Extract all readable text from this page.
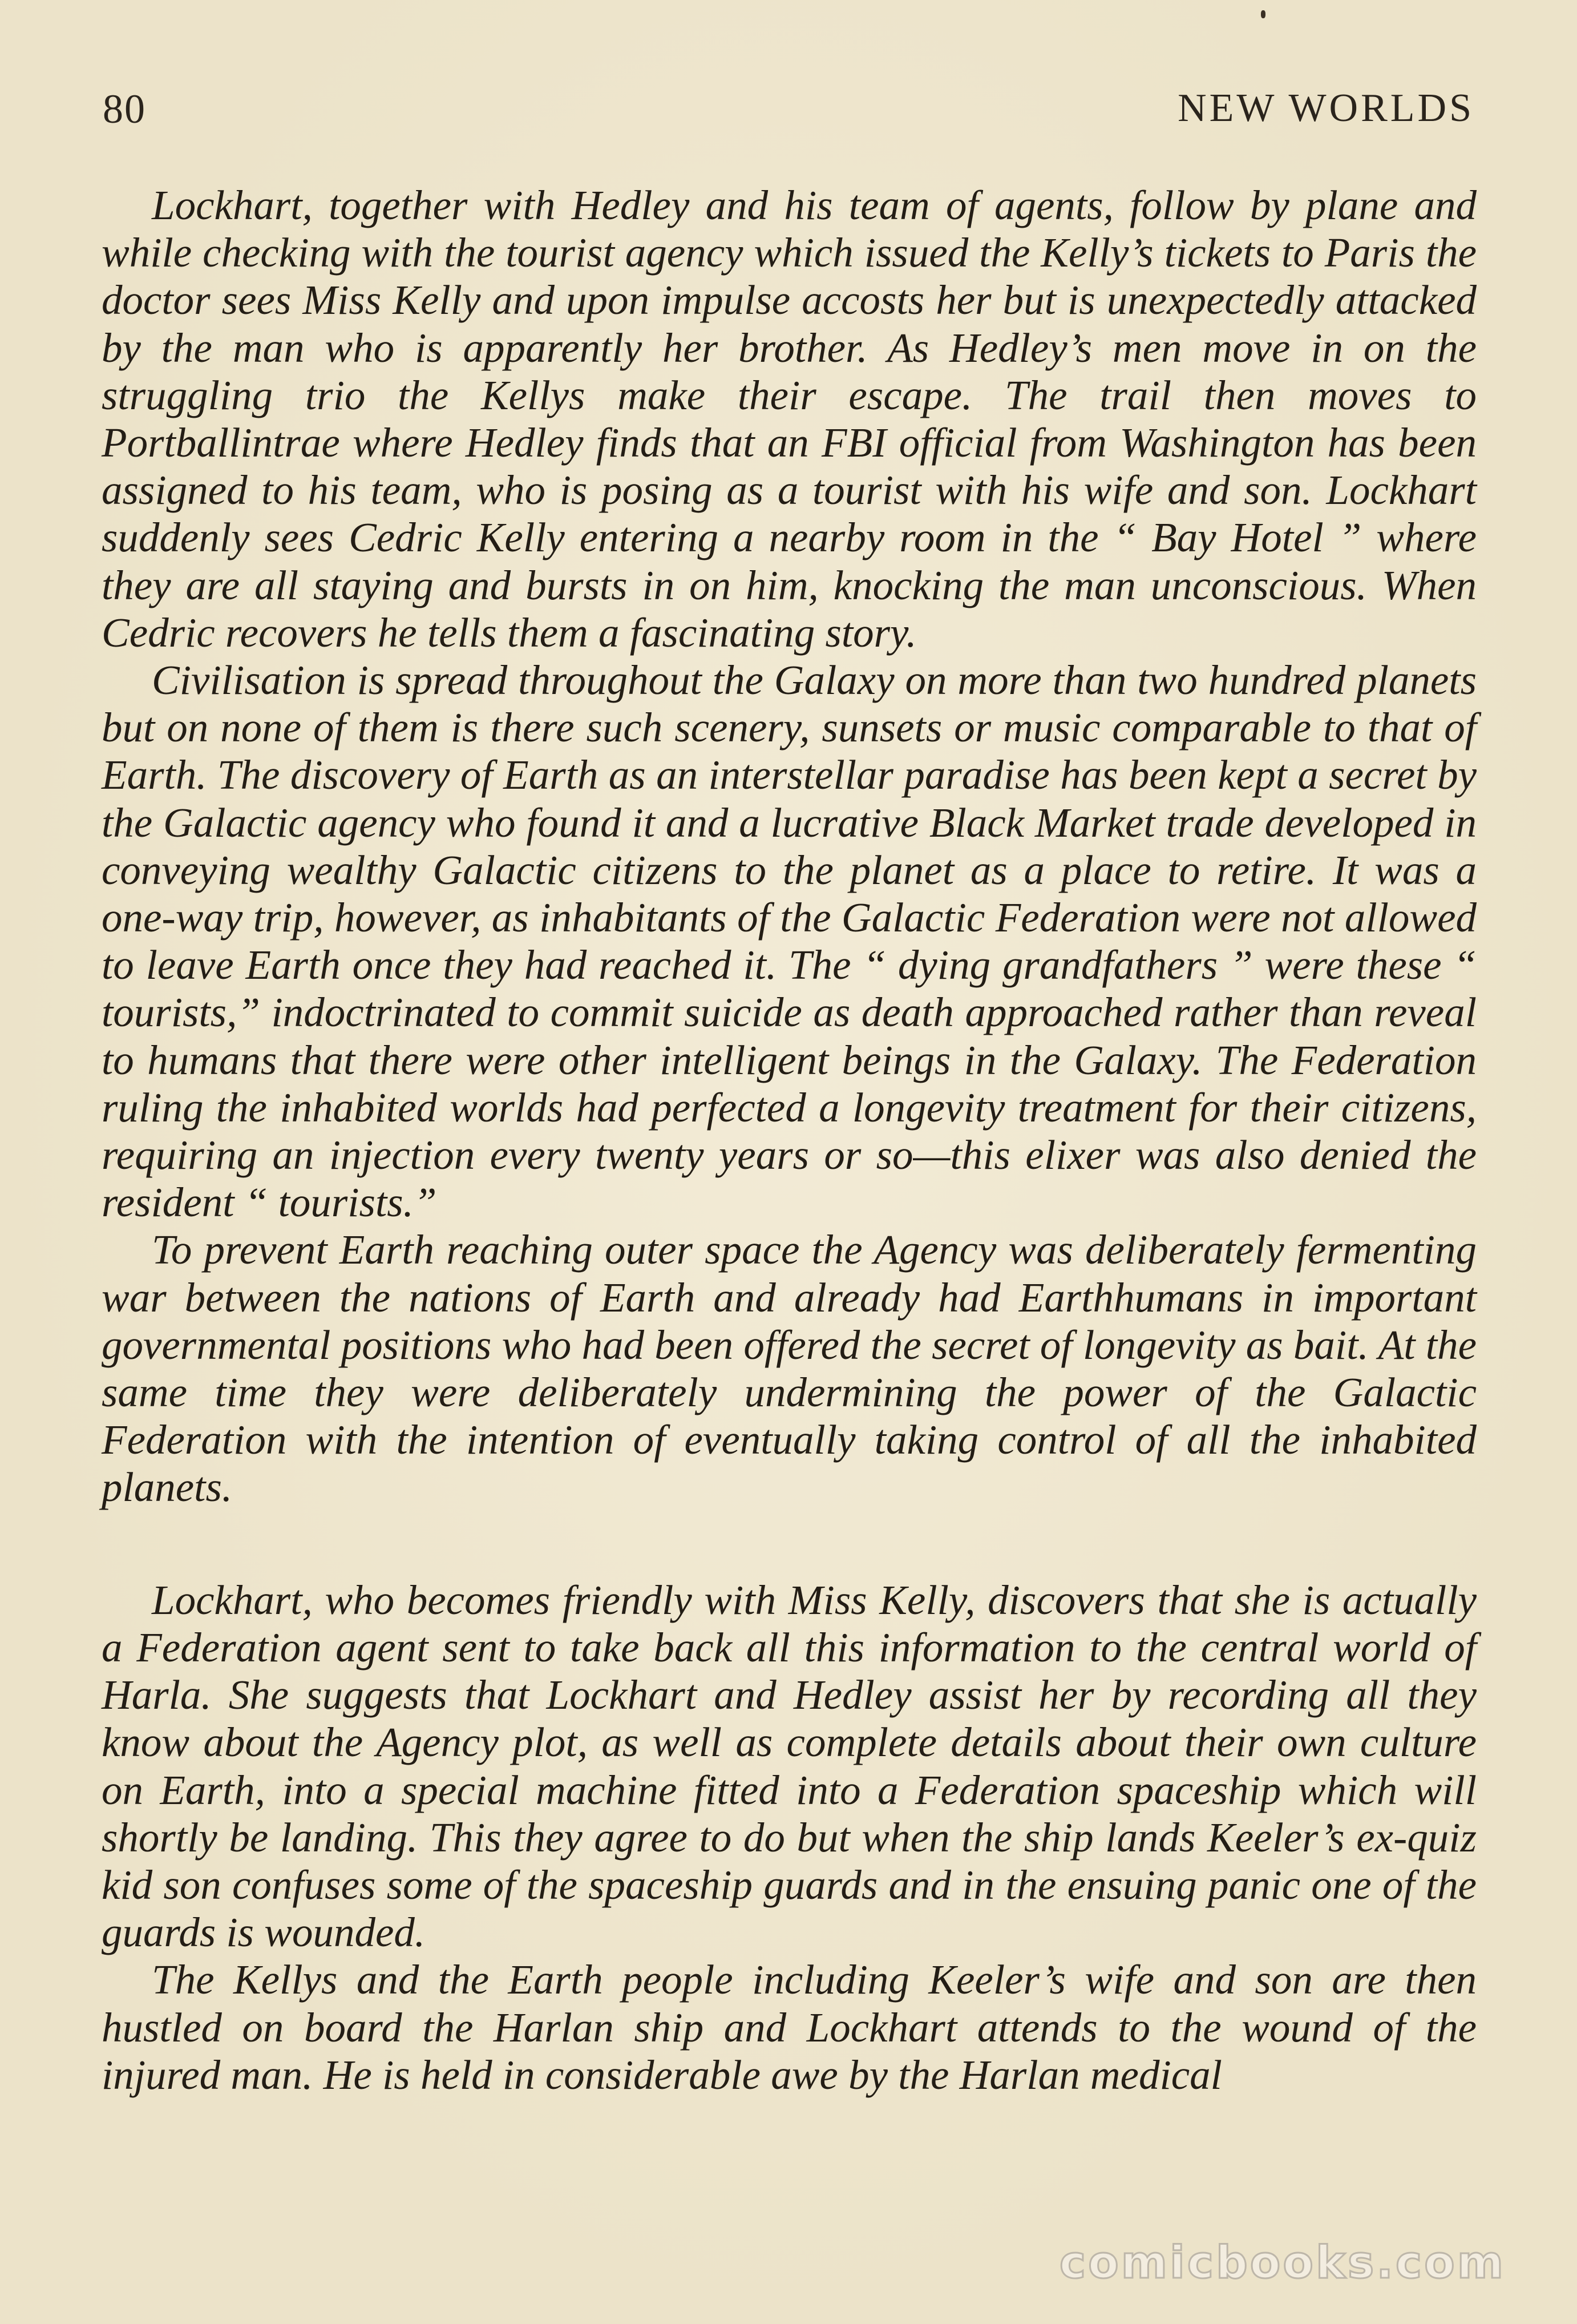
80	NEW WORLDS

Lockhart, together with Hedley and his team of agents, follow by plane and while checking with the tourist agency which issued the Kelly’s tickets to Paris the doctor sees Miss Kelly and upon impulse accosts her but is unexpectedly attacked by the man who is apparently her brother. As Hedley’s men move in on the struggling trio the Kellys make their escape. The trail then moves to Portballintrae where Hedley finds that an FBI official from Washington has been assigned to his team, who is posing as a tourist with his wife and son. Lockhart suddenly sees Cedric Kelly entering a nearby room in the “ Bay Hotel ” where they are all staying and bursts in on him, knocking the man unconscious. When Cedric recovers he tells them a fascinating story.

Civilisation is spread throughout the Galaxy on more than two hundred planets but on none of them is there such scenery, sunsets or music comparable to that of Earth. The discovery of Earth as an interstellar paradise has been kept a secret by the Galactic agency who found it and a lucrative Black Market trade developed in conveying wealthy Galactic citizens to the planet as a place to retire. It was a one-way trip, however, as inhabitants of the Galactic Federation were not allowed to leave Earth once they had reached it. The “ dying grandfathers ” were these “ tourists,” indoctrinated to commit suicide as death approached rather than reveal to humans that there were other intelligent beings in the Galaxy. The Federation ruling the inhabited worlds had perfected a longevity treatment for their citizens, requiring an injection every twenty years or so—this elixer was also denied the resident “ tourists.”

To prevent Earth reaching outer space the Agency was deliberately fermenting war between the nations of Earth and already had Earthhumans in important governmental positions who had been offered the secret of longevity as bait. At the same time they were deliberately undermining the power of the Galactic Federation with the intention of eventually taking control of all the inhabited planets.

Lockhart, who becomes friendly with Miss Kelly, discovers that she is actually a Federation agent sent to take back all this information to the central world of Harla. She suggests that Lockhart and Hedley assist her by recording all they know about the Agency plot, as well as complete details about their own culture on Earth, into a special machine fitted into a Federation spaceship which will shortly be landing. This they agree to do but when the ship lands Keeler’s ex-quiz kid son confuses some of the spaceship guards and in the ensuing panic one of the guards is wounded.

The Kellys and the Earth people including Keeler’s wife and son are then hustled on board the Harlan ship and Lockhart attends to the wound of the injured man. He is held in considerable awe by the Harlan medical

comicbooks.com
